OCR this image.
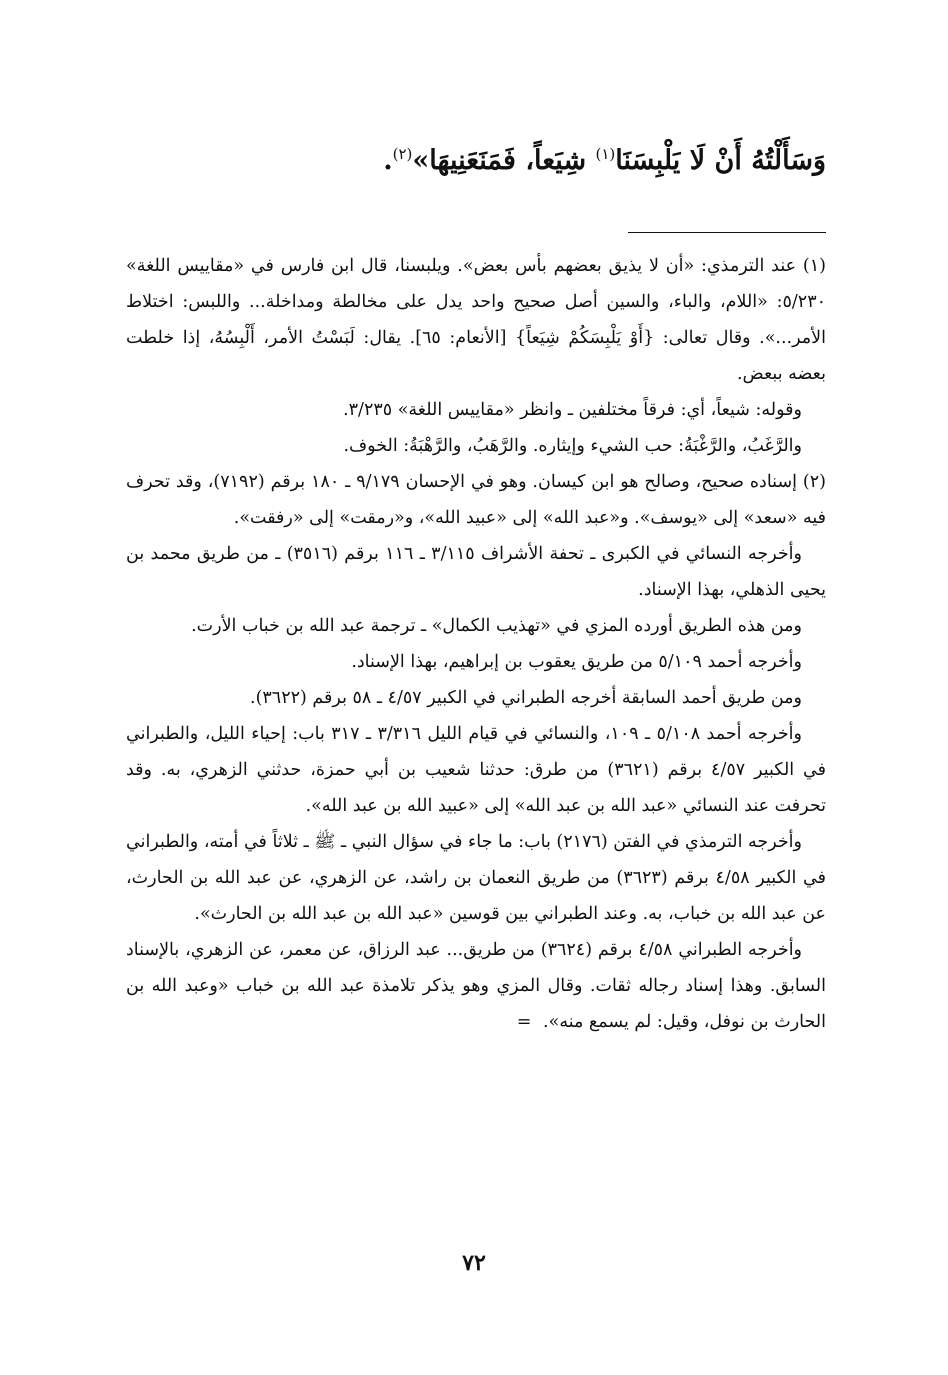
وَسَأَلْتُهُ أَنْ لَا يَلْبِسَنَا$^{(١)}$ شِيَعاً، فَمَنَعَنِيهَا»$^{(٢)}$.

(١) عند الترمذي: «أن لا يذيق بعضهم بأس بعض». ويلبسنا، قال ابن فارس في «مقاييس اللغة» ٥/٢٣٠: «اللام، والباء، والسين أصل صحيح واحد يدل على مخالطة ومداخلة... واللبس: اختلاط الأمر...». وقال تعالى: {أَوْ يَلْبِسَكُمْ شِيَعاً} [الأنعام: ٦٥]. يقال: لَبَسْتُ الأمر، أَلْبِسُهُ، إذا خلطت بعضه ببعض.

وقوله: شيعاً، أي: فرقاً مختلفين ـ وانظر «مقاييس اللغة» ٣/٢٣٥.

والرَّغَبُ، والرَّغْبَةُ: حب الشيء وإيثاره. والرَّهَبُ، والرَّهْبَةُ: الخوف.

(٢) إسناده صحيح، وصالح هو ابن كيسان. وهو في الإحسان ٩/١٧٩ ـ ١٨٠ برقم (٧١٩٢)، وقد تحرف فيه «سعد» إلى «يوسف». و«عبد الله» إلى «عبيد الله»، و«رمقت» إلى «رفقت».

وأخرجه النسائي في الكبرى ـ تحفة الأشراف ٣/١١٥ ـ ١١٦ برقم (٣٥١٦) ـ من طريق محمد بن يحيى الذهلي، بهذا الإسناد.

ومن هذه الطريق أورده المزي في «تهذيب الكمال» ـ ترجمة عبد الله بن خباب الأرت.

وأخرجه أحمد ٥/١٠٩ من طريق يعقوب بن إبراهيم، بهذا الإسناد.

ومن طريق أحمد السابقة أخرجه الطبراني في الكبير ٤/٥٧ ـ ٥٨ برقم (٣٦٢٢).

وأخرجه أحمد ٥/١٠٨ ـ ١٠٩، والنسائي في قيام الليل ٣/٣١٦ ـ ٣١٧ باب: إحياء الليل، والطبراني في الكبير ٤/٥٧ برقم (٣٦٢١) من طرق: حدثنا شعيب بن أبي حمزة، حدثني الزهري، به. وقد تحرفت عند النسائي «عبد الله بن عبد الله» إلى «عبيد الله بن عبد الله».

وأخرجه الترمذي في الفتن (٢١٧٦) باب: ما جاء في سؤال النبي ـ ﷺ ـ ثلاثاً في أمته، والطبراني في الكبير ٤/٥٨ برقم (٣٦٢٣) من طريق النعمان بن راشد، عن الزهري، عن عبد الله بن الحارث، عن عبد الله بن خباب، به. وعند الطبراني بين قوسين «عبد الله بن عبد الله بن الحارث».

وأخرجه الطبراني ٤/٥٨ برقم (٣٦٢٤) من طريق... عبد الرزاق، عن معمر، عن الزهري، بالإسناد السابق. وهذا إسناد رجاله ثقات. وقال المزي وهو يذكر تلامذة عبد الله بن خباب «وعبد الله بن الحارث بن نوفل، وقيل: لم يسمع منه». =

٧٢
